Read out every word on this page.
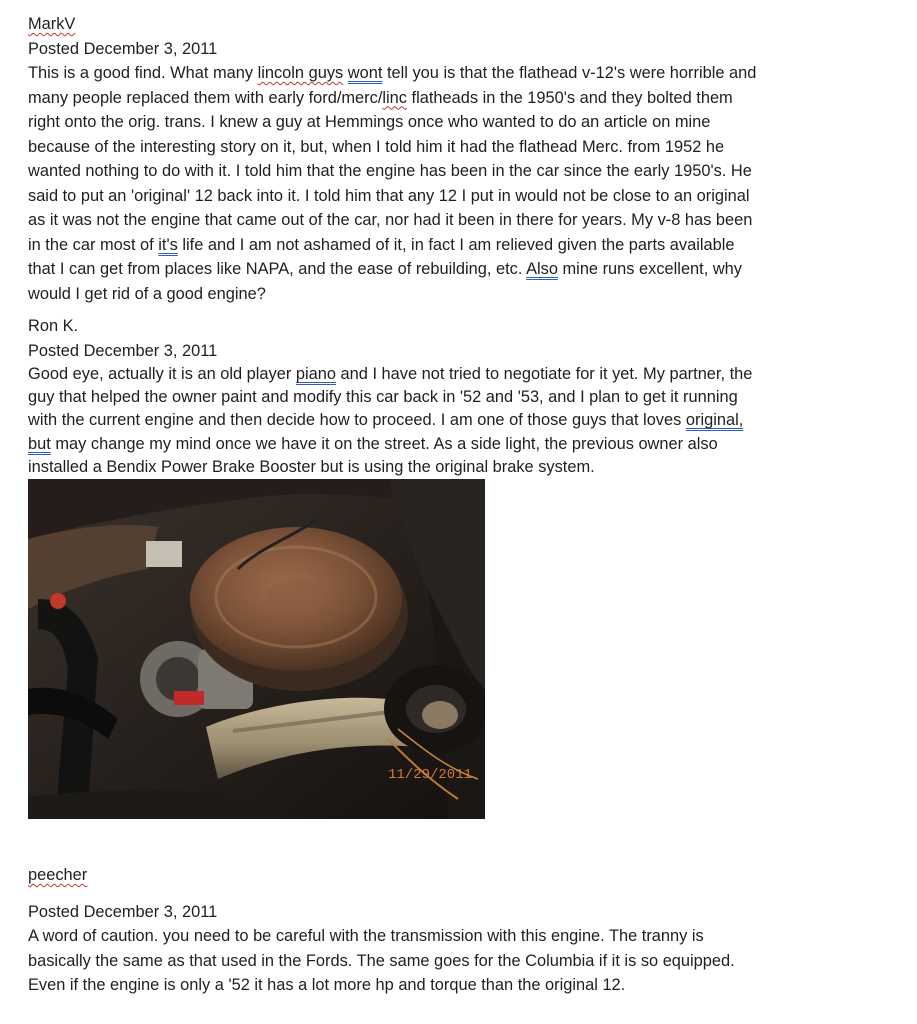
MarkV
Posted December 3, 2011
This is a good find. What many lincoln guys wont tell you is that the flathead v-12's were horrible and
many people replaced them with early ford/merc/linc flatheads in the 1950's and they bolted them
right onto the orig. trans. I knew a guy at Hemmings once who wanted to do an article on mine
because of the interesting story on it, but, when I told him it had the flathead Merc. from 1952 he
wanted nothing to do with it. I told him that the engine has been in the car since the early 1950's. He
said to put an 'original' 12 back into it. I told him that any 12 I put in would not be close to an original
as it was not the engine that came out of the car, nor had it been in there for years. My v-8 has been
in the car most of it's life and I am not ashamed of it, in fact I am relieved given the parts available
that I can get from places like NAPA, and the ease of rebuilding, etc. Also mine runs excellent, why
would I get rid of a good engine?
Ron K.
Posted December 3, 2011
Good eye, actually it is an old player piano and I have not tried to negotiate for it yet. My partner, the
guy that helped the owner paint and modify this car back in '52 and '53, and I plan to get it running
with the current engine and then decide how to proceed. I am one of those guys that loves original,
but may change my mind once we have it on the street. As a side light, the previous owner also
installed a Bendix Power Brake Booster but is using the original brake system.
11/29/2011
peecher
Posted December 3, 2011
A word of caution. you need to be careful with the transmission with this engine. The tranny is
basically the same as that used in the Fords. The same goes for the Columbia if it is so equipped.
Even if the engine is only a '52 it has a lot more hp and torque than the original 12.
